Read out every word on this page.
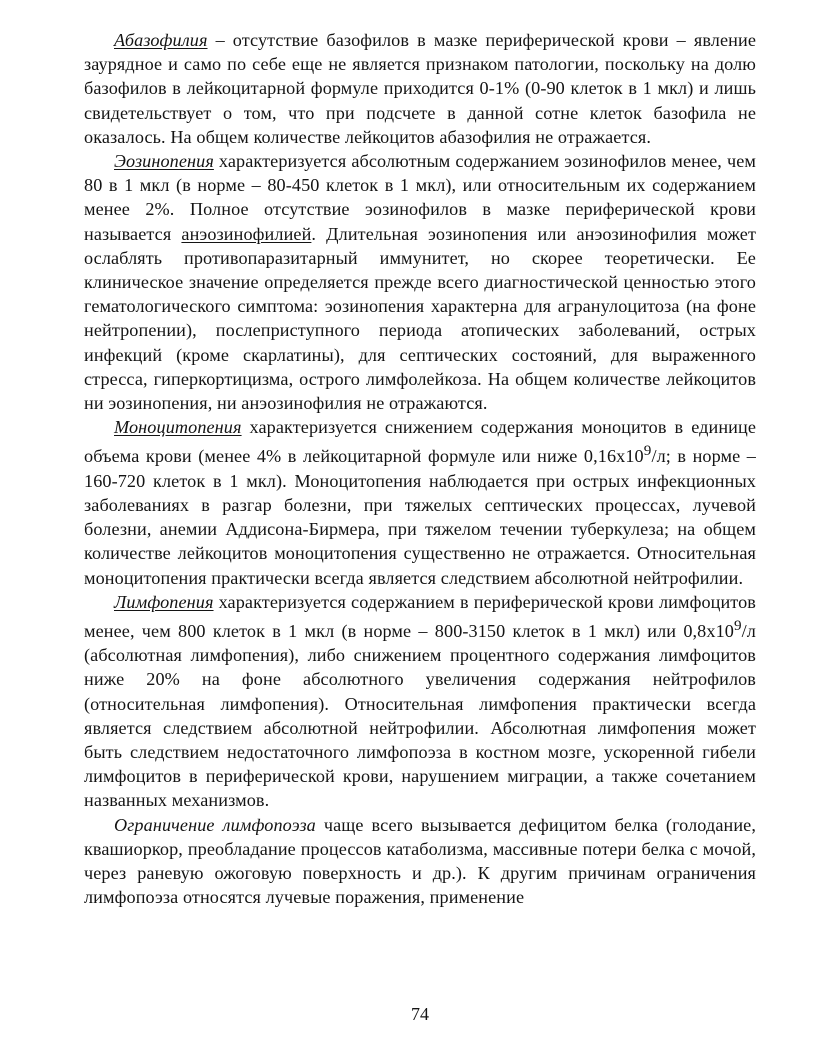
Абазофилия – отсутствие базофилов в мазке периферической крови – явление заурядное и само по себе еще не является признаком патологии, поскольку на долю базофилов в лейкоцитарной формуле приходится 0-1% (0-90 клеток в 1 мкл) и лишь свидетельствует о том, что при подсчете в данной сотне клеток базофила не оказалось. На общем количестве лейкоцитов абазофилия не отражается.

Эозинопения характеризуется абсолютным содержанием эозинофилов менее, чем 80 в 1 мкл (в норме – 80-450 клеток в 1 мкл), или относительным их содержанием менее 2%. Полное отсутствие эозинофилов в мазке периферической крови называется анэозинофилией. Длительная эозинопения или анэозинофилия может ослаблять противопаразитарный иммунитет, но скорее теоретически. Ее клиническое значение определяется прежде всего диагностической ценностью этого гематологического симптома: эозинопения характерна для агранулоцитоза (на фоне нейтропении), послеприступного периода атопических заболеваний, острых инфекций (кроме скарлатины), для септических состояний, для выраженного стресса, гиперкортицизма, острого лимфолейкоза. На общем количестве лейкоцитов ни эозинопения, ни анэозинофилия не отражаются.

Моноцитопения характеризуется снижением содержания моноцитов в единице объема крови (менее 4% в лейкоцитарной формуле или ниже $0,16х10^9/л$; в норме – 160-720 клеток в 1 мкл). Моноцитопения наблюдается при острых инфекционных заболеваниях в разгар болезни, при тяжелых септических процессах, лучевой болезни, анемии Аддисона-Бирмера, при тяжелом течении туберкулеза; на общем количестве лейкоцитов моноцитопения существенно не отражается. Относительная моноцитопения практически всегда является следствием абсолютной нейтрофилии.

Лимфопения характеризуется содержанием в периферической крови лимфоцитов менее, чем 800 клеток в 1 мкл (в норме – 800-3150 клеток в 1 мкл) или $0,8х10^9/л$ (абсолютная лимфопения), либо снижением процентного содержания лимфоцитов ниже 20% на фоне абсолютного увеличения содержания нейтрофилов (относительная лимфопения). Относительная лимфопения практически всегда является следствием абсолютной нейтрофилии. Абсолютная лимфопения может быть следствием недостаточного лимфопоэза в костном мозге, ускоренной гибели лимфоцитов в периферической крови, нарушением миграции, а также сочетанием названных механизмов.

Ограничение лимфопоэза чаще всего вызывается дефицитом белка (голодание, квашиоркор, преобладание процессов катаболизма, массивные потери белка с мочой, через раневую ожоговую поверхность и др.). К другим причинам ограничения лимфопоэза относятся лучевые поражения, применение

74
